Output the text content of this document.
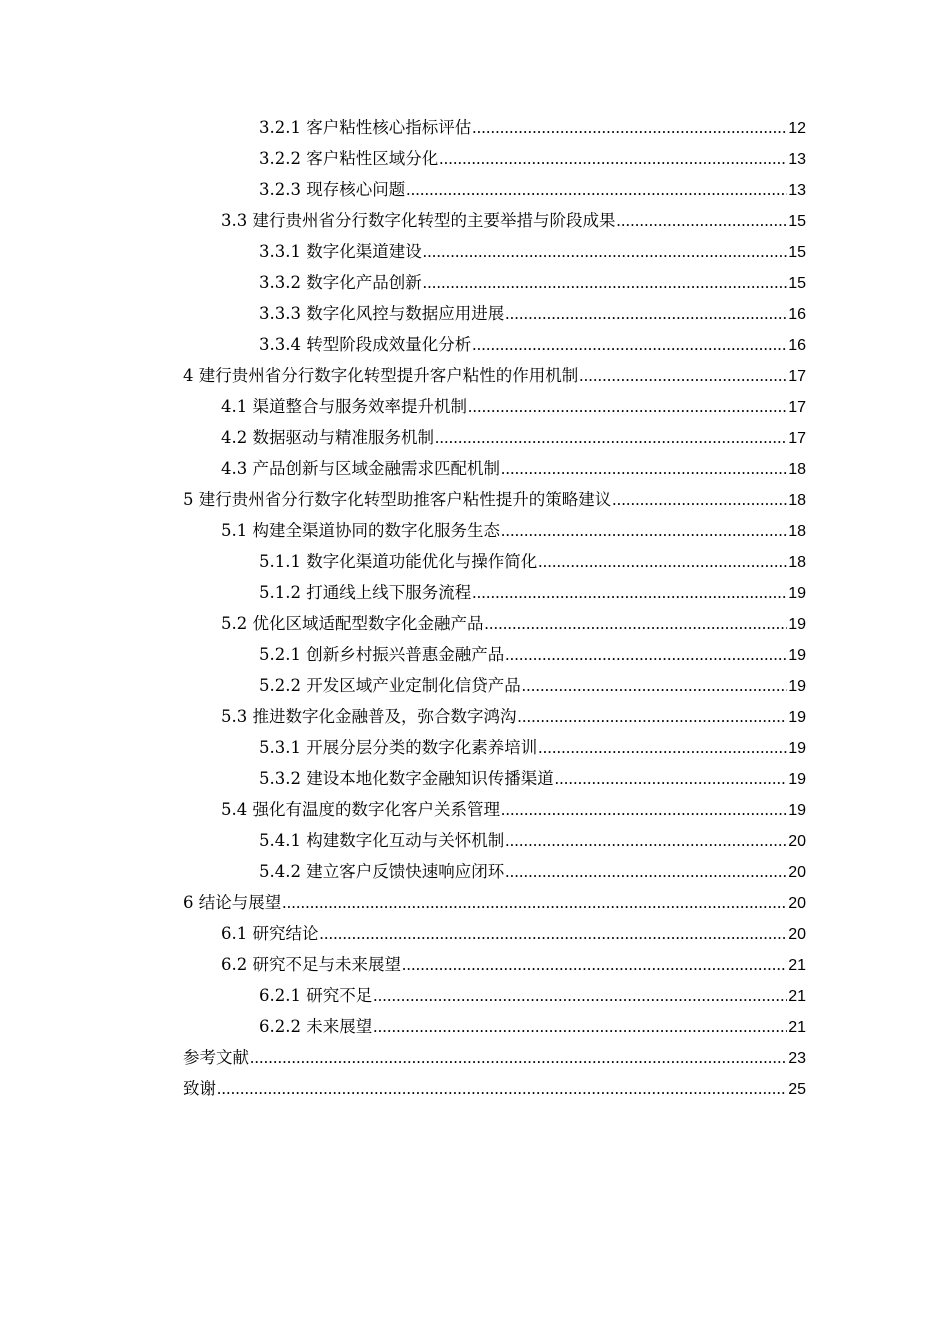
3.2.1 客户粘性核心指标评估 .....	12
3.2.2 客户粘性区域分化 .....	13
3.2.3 现存核心问题 .....	13
3.3 建行贵州省分行数字化转型的主要举措与阶段成果 .....	15
3.3.1 数字化渠道建设 .....	15
3.3.2 数字化产品创新 .....	15
3.3.3 数字化风控与数据应用进展 .....	16
3.3.4 转型阶段成效量化分析 .....	16
4 建行贵州省分行数字化转型提升客户粘性的作用机制 .....	17
4.1 渠道整合与服务效率提升机制 .....	17
4.2 数据驱动与精准服务机制 .....	17
4.3 产品创新与区域金融需求匹配机制 .....	18
5 建行贵州省分行数字化转型助推客户粘性提升的策略建议 .....	18
5.1 构建全渠道协同的数字化服务生态 .....	18
5.1.1 数字化渠道功能优化与操作简化 .....	18
5.1.2 打通线上线下服务流程 .....	19
5.2 优化区域适配型数字化金融产品 .....	19
5.2.1 创新乡村振兴普惠金融产品 .....	19
5.2.2 开发区域产业定制化信贷产品 .....	19
5.3 推进数字化金融普及，弥合数字鸿沟 .....	19
5.3.1 开展分层分类的数字化素养培训 .....	19
5.3.2 建设本地化数字金融知识传播渠道 .....	19
5.4 强化有温度的数字化客户关系管理 .....	19
5.4.1 构建数字化互动与关怀机制 .....	20
5.4.2 建立客户反馈快速响应闭环 .....	20
6 结论与展望 .....	20
6.1 研究结论 .....	20
6.2 研究不足与未来展望 .....	21
6.2.1 研究不足 .....	21
6.2.2 未来展望 .....	21
参考文献 .....	23
致谢 .....	25
